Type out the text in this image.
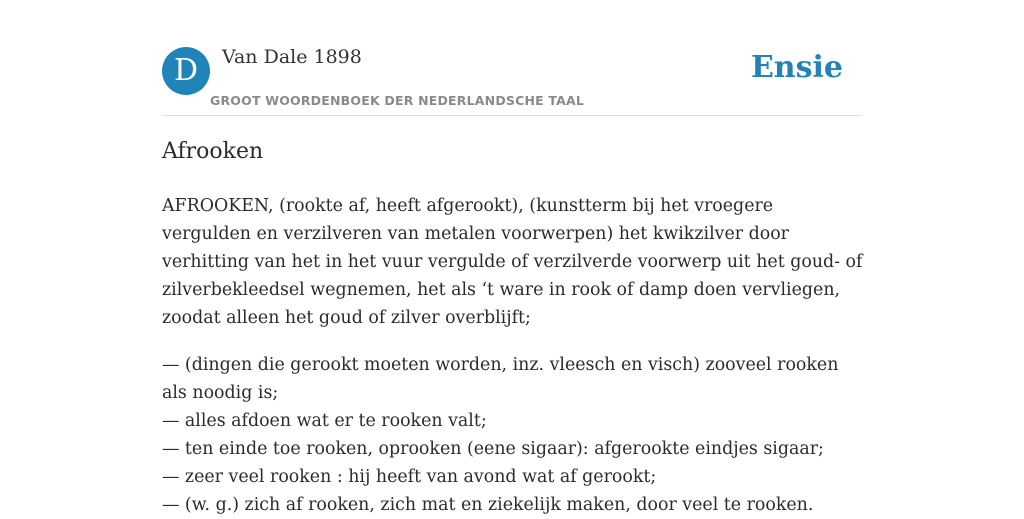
D	Van Dale 1898
GROOT WOORDENBOEK DER NEDERLANDSCHE TAAL
Ensie
Afrooken

AFROOKEN, (rookte af, heeft afgerookt), (kunstterm bij het vroegere vergulden en verzilveren van metalen voorwerpen) het kwikzilver door verhitting van het in het vuur vergulde of verzilverde voorwerp uit het goud- of zilverbekleedsel wegnemen, het als ‘t ware in rook of damp doen vervliegen, zoodat alleen het goud of zilver overblijft;

— (dingen die gerookt moeten worden, inz. vleesch en visch) zooveel rooken als noodig is;
— alles afdoen wat er te rooken valt;
— ten einde toe rooken, oprooken (eene sigaar): afgerookte eindjes sigaar;
— zeer veel rooken : hij heeft van avond wat af gerookt;
— (w. g.) zich af rooken, zich mat en ziekelijk maken, door veel te rooken.
